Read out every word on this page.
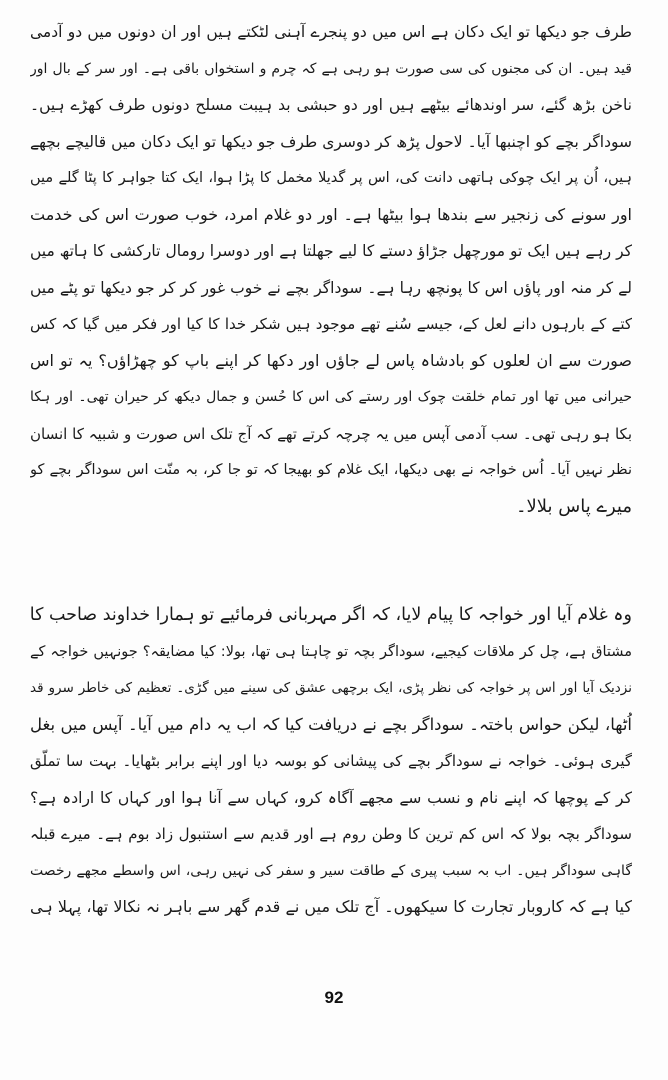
طرف جو دیکھا تو ایک دکان ہے اس میں دو پنجرے آہنی لٹکتے ہیں اور ان دونوں میں دو آدمی
قید ہیں۔ ان کی مجنوں کی سی صورت ہو رہی ہے کہ چرم و استخواں باقی ہے۔ اور سر کے بال اور
ناخن بڑھ گئے، سر اوندھائے بیٹھے ہیں اور دو حبشی بد ہیبت مسلح دونوں طرف کھڑے ہیں۔
سوداگر بچے کو اچنبھا آیا۔ لاحول پڑھ کر دوسری طرف جو دیکھا تو ایک دکان میں قالیچے بچھے
ہیں، اُن پر ایک چوکی ہاتھی دانت کی، اس پر گدیلا مخمل کا پڑا ہوا، ایک کتا جواہر کا پٹا گلے میں
اور سونے کی زنجیر سے بندھا ہوا بیٹھا ہے۔ اور دو غلام امرد، خوب صورت اس کی خدمت
کر رہے ہیں ایک تو مورچھل جڑاؤ دستے کا لیے جھلتا ہے اور دوسرا رومال تارکشی کا ہاتھ میں
لے کر منہ اور پاؤں اس کا پونچھ رہا ہے۔ سوداگر بچے نے خوب غور کر کر جو دیکھا تو پٹے میں
کتے کے بارہوں دانے لعل کے، جیسے سُنے تھے موجود ہیں شکر خدا کا کیا اور فکر میں گیا کہ کس
صورت سے ان لعلوں کو بادشاہ پاس لے جاؤں اور دکھا کر اپنے باپ کو چھڑاؤں؟ یہ تو اس
حیرانی میں تھا اور تمام خلقت چوک اور رستے کی اس کا حُسن و جمال دیکھ کر حیران تھی۔ اور ہکا
بکا ہو رہی تھی۔ سب آدمی آپس میں یہ چرچہ کرتے تھے کہ آج تلک اس صورت و شبیہ کا انسان
نظر نہیں آیا۔ اُس خواجہ نے بھی دیکھا، ایک غلام کو بھیجا کہ تو جا کر، بہ منّت اس سوداگر بچے کو
میرے پاس بلالا۔
وہ غلام آیا اور خواجہ کا پیام لایا، کہ اگر مہربانی فرمائیے تو ہمارا خداوند صاحب کا
مشتاق ہے، چل کر ملاقات کیجیے، سوداگر بچہ تو چاہتا ہی تھا، بولا: کیا مضایقہ؟ جونہیں خواجہ کے
نزدیک آیا اور اس پر خواجہ کی نظر پڑی، ایک برچھی عشق کی سینے میں گڑی۔ تعظیم کی خاطر سرو قد
اُٹھا، لیکن حواس باختہ۔ سوداگر بچے نے دریافت کیا کہ اب یہ دام میں آیا۔ آپس میں بغل
گیری ہوئی۔ خواجہ نے سوداگر بچے کی پیشانی کو بوسہ دیا اور اپنے برابر بٹھایا۔ بہت سا تملّق
کر کے پوچھا کہ اپنے نام و نسب سے مجھے آگاہ کرو، کہاں سے آنا ہوا اور کہاں کا ارادہ ہے؟
سوداگر بچہ بولا کہ اس کم ترین کا وطن روم ہے اور قدیم سے استنبول زاد بوم ہے۔ میرے قبلہ
گاہی سوداگر ہیں۔ اب بہ سبب پیری کے طاقت سیر و سفر کی نہیں رہی، اس واسطے مجھے رخصت
کیا ہے کہ کاروبار تجارت کا سیکھوں۔ آج تلک میں نے قدم گھر سے باہر نہ نکالا تھا، پہلا ہی
92
